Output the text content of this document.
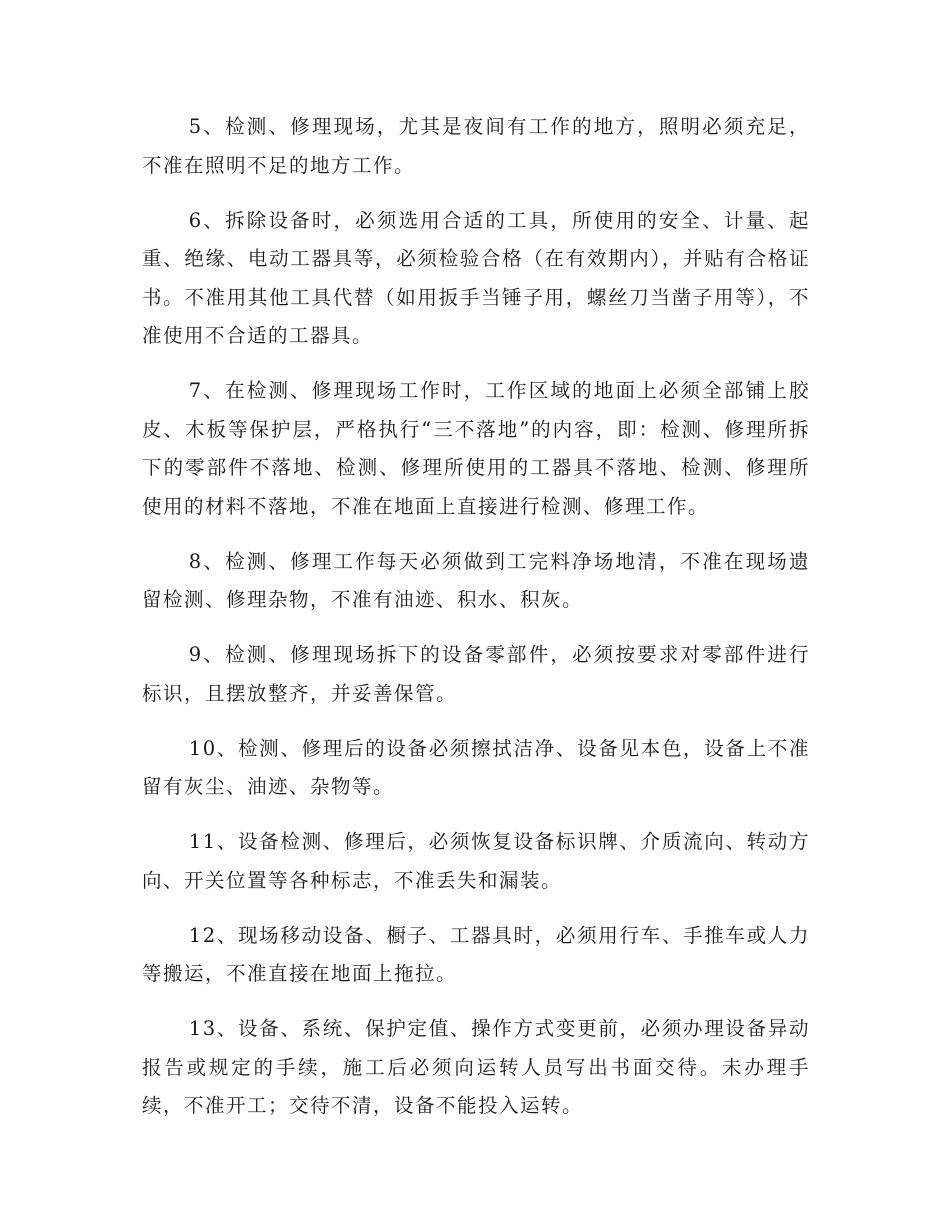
5、检测、修理现场，尤其是夜间有工作的地方，照明必须充足，不准在照明不足的地方工作。

6、拆除设备时，必须选用合适的工具，所使用的安全、计量、起重、绝缘、电动工器具等，必须检验合格（在有效期内），并贴有合格证书。不准用其他工具代替（如用扳手当锤子用，螺丝刀当凿子用等），不准使用不合适的工器具。

7、在检测、修理现场工作时，工作区域的地面上必须全部铺上胶皮、木板等保护层，严格执行“三不落地”的内容，即：检测、修理所拆下的零部件不落地、检测、修理所使用的工器具不落地、检测、修理所使用的材料不落地，不准在地面上直接进行检测、修理工作。

8、检测、修理工作每天必须做到工完料净场地清，不准在现场遗留检测、修理杂物，不准有油迹、积水、积灰。

9、检测、修理现场拆下的设备零部件，必须按要求对零部件进行标识，且摆放整齐，并妥善保管。

10、检测、修理后的设备必须擦拭洁净、设备见本色，设备上不准留有灰尘、油迹、杂物等。

11、设备检测、修理后，必须恢复设备标识牌、介质流向、转动方向、开关位置等各种标志，不准丢失和漏装。

12、现场移动设备、橱子、工器具时，必须用行车、手推车或人力等搬运，不准直接在地面上拖拉。

13、设备、系统、保护定值、操作方式变更前，必须办理设备异动报告或规定的手续，施工后必须向运转人员写出书面交待。未办理手续，不准开工；交待不清，设备不能投入运转。
